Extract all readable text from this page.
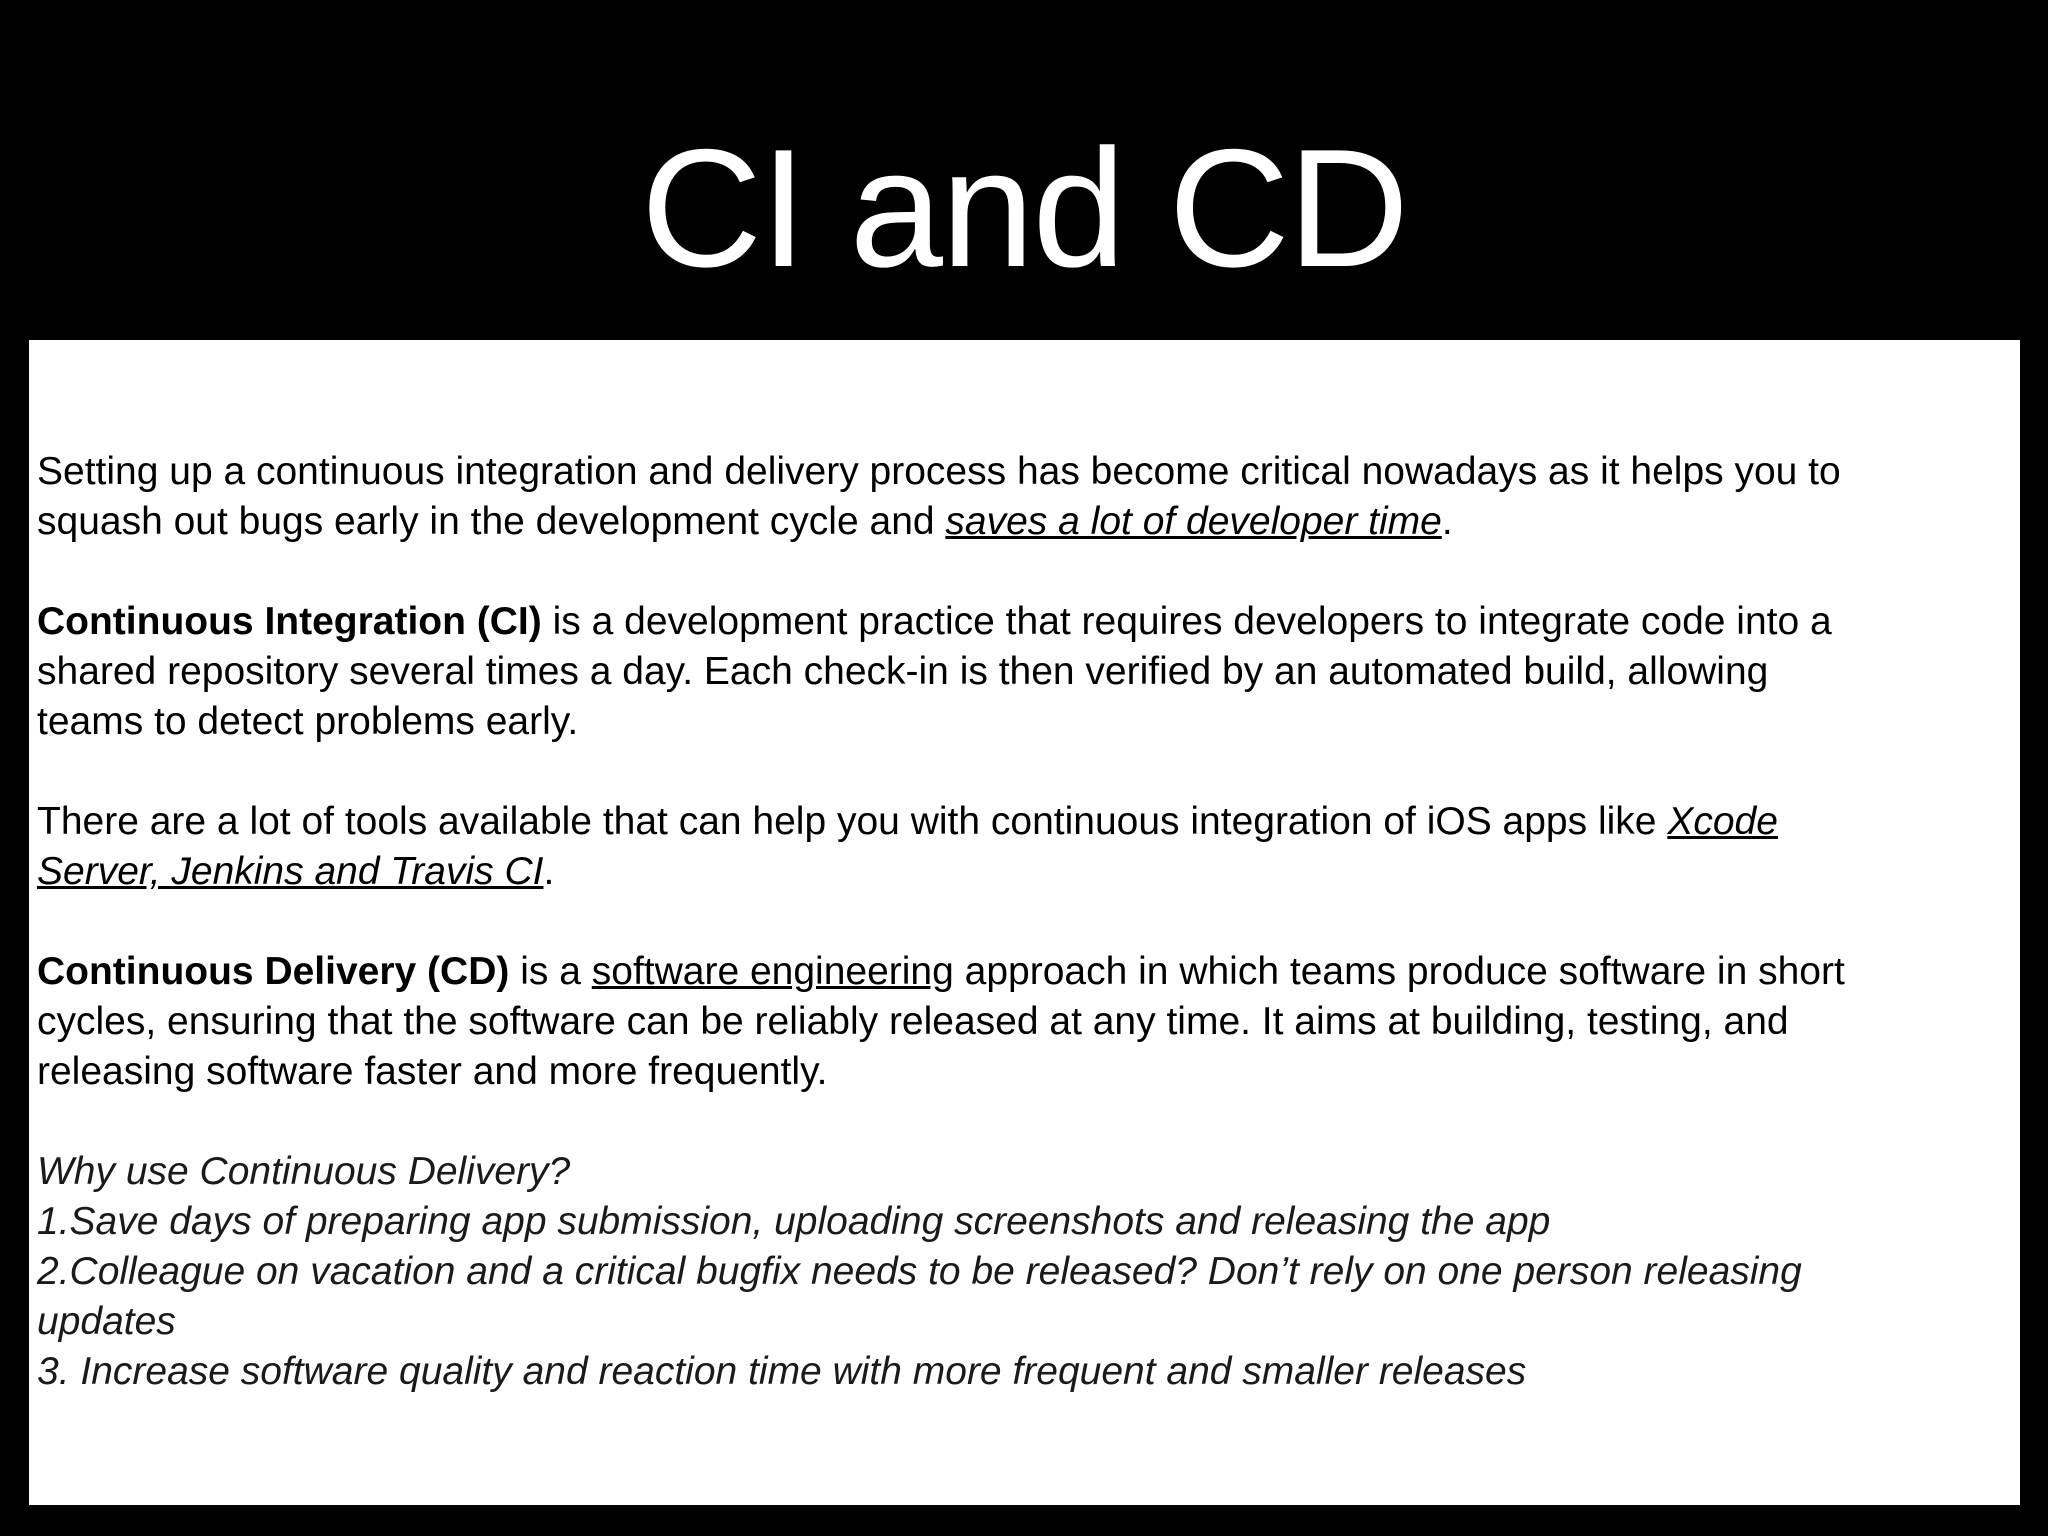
CI and CD

Setting up a continuous integration and delivery process has become critical nowadays as it helps you to
squash out bugs early in the development cycle and saves a lot of developer time.

Continuous Integration (CI) is a development practice that requires developers to integrate code into a
shared repository several times a day. Each check-in is then verified by an automated build, allowing
teams to detect problems early.

There are a lot of tools available that can help you with continuous integration of iOS apps like Xcode
Server, Jenkins and Travis CI.

Continuous Delivery (CD) is a software engineering approach in which teams produce software in short
cycles, ensuring that the software can be reliably released at any time. It aims at building, testing, and
releasing software faster and more frequently.

Why use Continuous Delivery?
1.Save days of preparing app submission, uploading screenshots and releasing the app
2.Colleague on vacation and a critical bugfix needs to be released? Don’t rely on one person releasing
updates
3. Increase software quality and reaction time with more frequent and smaller releases
